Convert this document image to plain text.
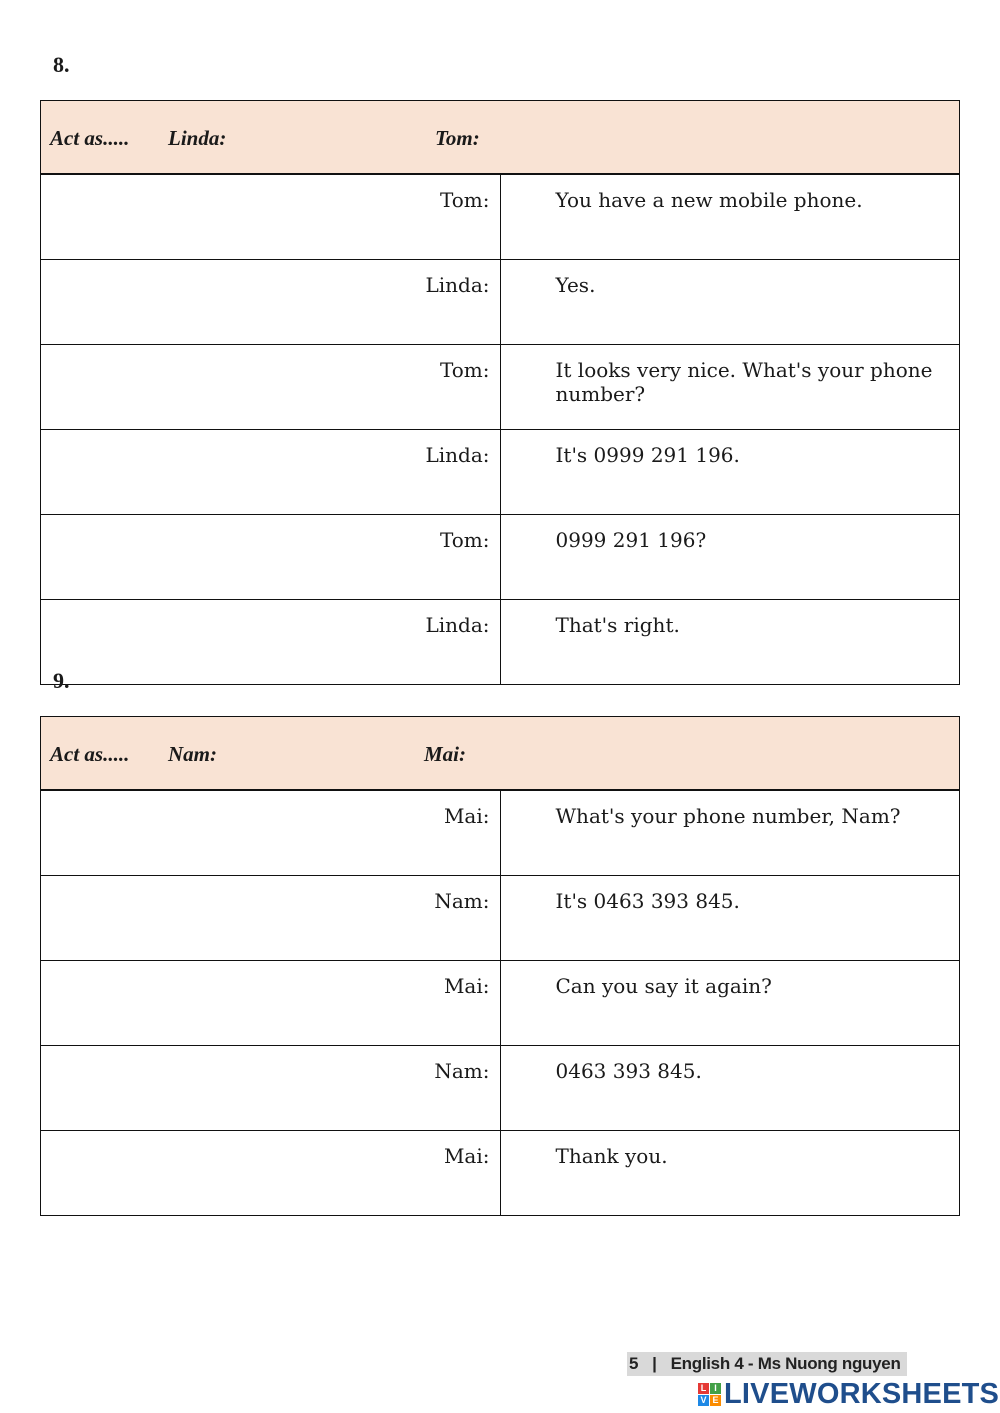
8.
Act as..... Linda: Tom:	

Tom:	You have a new mobile phone.
Linda:	Yes.
Tom:	It looks very nice. What's your phone number?
Linda:	It's 0999 291 196.
Tom:	0999 291 196?
Linda:	That's right.
9.
Act as..... Nam: Mai:	

Mai:	What's your phone number, Nam?
Nam:	It's 0463 393 845.
Mai:	Can you say it again?
Nam:	0463 393 845.
Mai:	Thank you.
5 | English 4 - Ms Nuong nguyen
L I
V E LIVEWORKSHEETS
